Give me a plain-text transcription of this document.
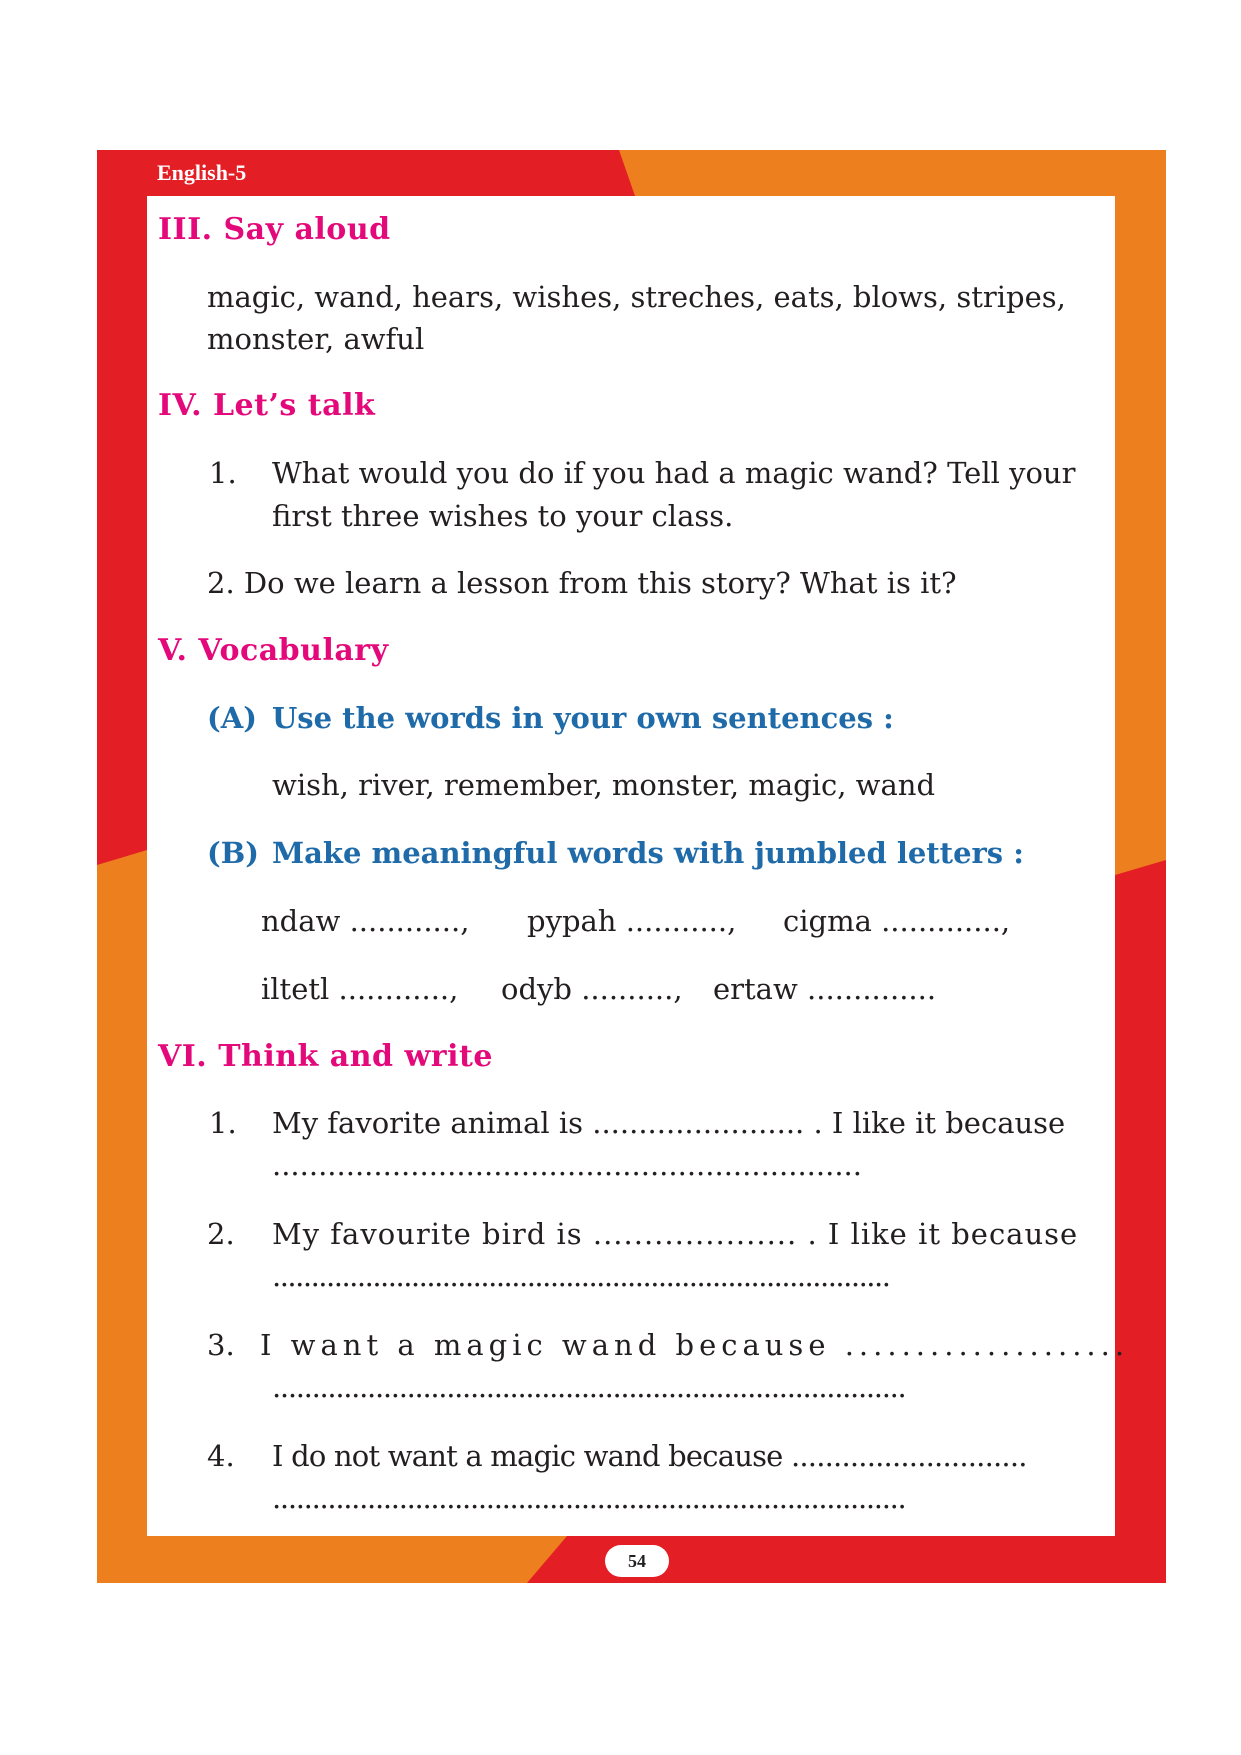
English-5
54
III. Say aloud
magic, wand, hears, wishes, streches, eats, blows, stripes,
monster, awful
IV. Let’s talk
1. What would you do if you had a magic wand? Tell your
first three wishes to your class.
2. Do we learn a lesson from this story? What is it?
V. Vocabulary
(A) Use the words in your own sentences :
wish, river, remember, monster, magic, wand
(B) Make meaningful words with jumbled letters :
ndaw ............, pypah ..........., cigma .............,
iltetl ............, odyb .........., ertaw ..............
VI. Think and write
1. My favorite animal is ....................... . I like it because
................................................................
2. My favourite bird is .................... . I like it because
................................................................................
3. I want a magic wand because ....................
................................................................................
4. I do not want a magic wand because ............................
................................................................................
